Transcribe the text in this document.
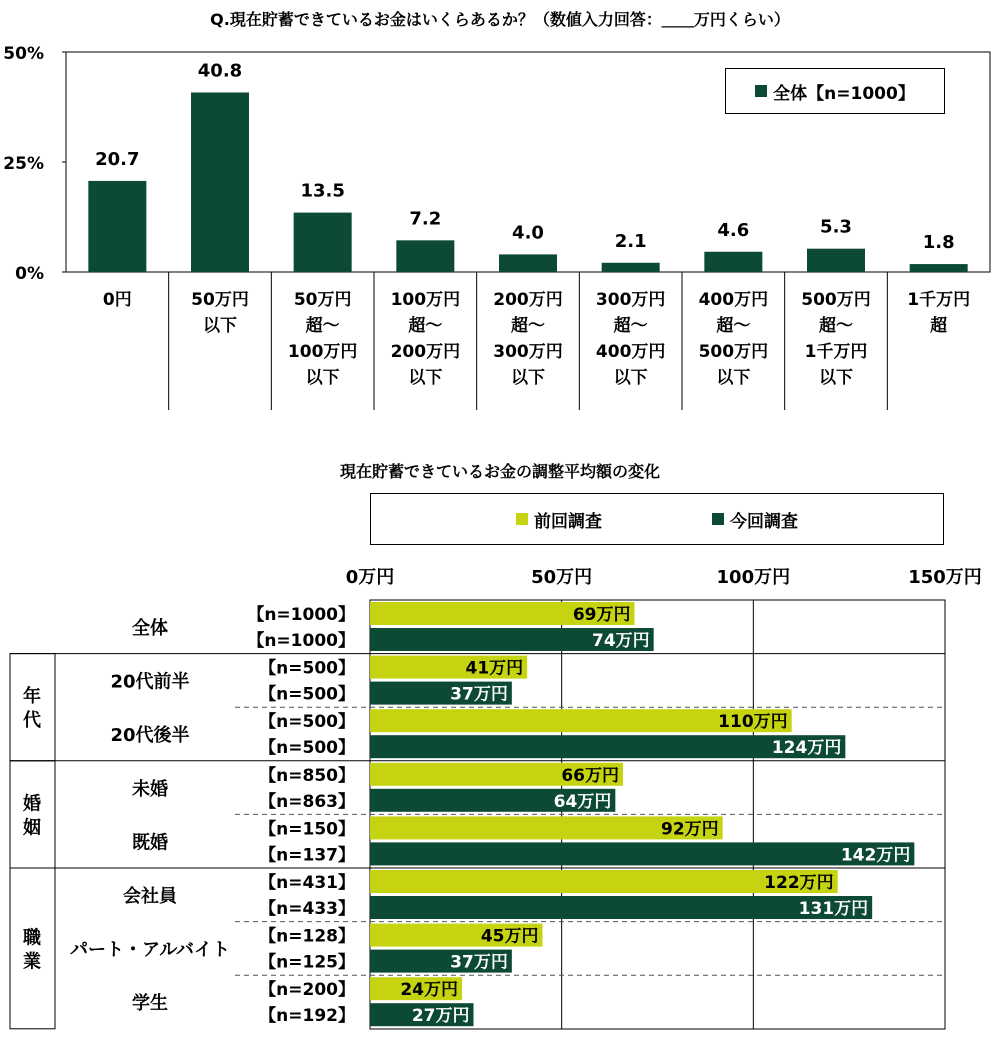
Q.現在貯蓄できているお金はいくらあるか？（数値入力回答：＿＿万円くらい）
50%
25%
0%
20.7
0円
40.8
50万円
以下
13.5
50万円
超～
100万円
以下
7.2
100万円
超～
200万円
以下
4.0
200万円
超～
300万円
以下
2.1
300万円
超～
400万円
以下
4.6
400万円
超～
500万円
以下
5.3
500万円
超～
1千万円
以下
1.8
1千万円
超
全体【n=1000】
現在貯蓄できているお金の調整平均額の変化
0万円	50万円	100万円	150万円
69万円
【n=1000】
74万円
【n=1000】
全体
41万円
【n=500】
37万円
【n=500】
20代前半
110万円
【n=500】
124万円
【n=500】
20代後半
年代
66万円
【n=850】
64万円
【n=863】
未婚
92万円
【n=150】
142万円
【n=137】
既婚
婚姻
122万円
【n=431】
131万円
【n=433】
会社員
45万円
【n=128】
37万円
【n=125】
パート・アルバイト
24万円
【n=200】
27万円
【n=192】
学生
職業
前回調査	今回調査
